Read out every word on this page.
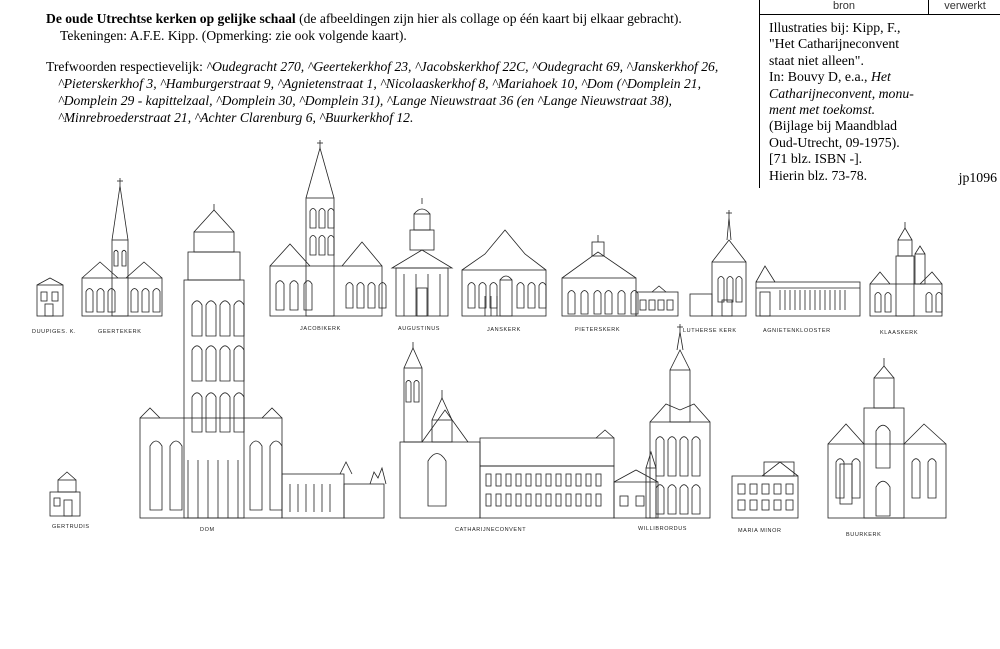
De oude Utrechtse kerken op gelijke schaal (de afbeeldingen zijn hier als collage op één kaart bij elkaar gebracht).
Tekeningen: A.F.E. Kipp. (Opmerking: zie ook volgende kaart).
Trefwoorden respectievelijk: ^Oudegracht 270, ^Geertekerkhof 23, ^Jacobskerkhof 22C, ^Oudegracht 69, ^Janskerkhof 26,
^Pieterskerkhof 3, ^Hamburgerstraat 9, ^Agnietenstraat 1, ^Nicolaaskerkhof 8, ^Mariahoek 10, ^Dom (^Domplein 21,
^Domplein 29 - kapittelzaal, ^Domplein 30, ^Domplein 31), ^Lange Nieuwstraat 36 (en ^Lange Nieuwstraat 38),
^Minrebroederstraat 21, ^Achter Clarenburg 6, ^Buurkerkhof 12.
bron	verwerkt
Illustraties bij: Kipp, F.,
"Het Catharijneconvent
staat niet alleen".
In: Bouvy D, e.a., Het
Catharijneconvent, monu-
ment met toekomst.
(Bijlage bij Maandblad
Oud-Utrecht, 09-1975).
[71 blz. ISBN -].
Hierin blz. 73-78.	jp1096
DUUPIGES. K.	GEERTEKERK	JACOBIKERK	AUGUSTINUS	JANSKERK	PIETERSKERK	LUTHERSE KERK	AGNIETENKLOOSTER	KLAASKERK
GERTRUDIS	DOM	CATHARIJNECONVENT	WILLIBRORDUS	MARIA MINOR
BUURKERK
